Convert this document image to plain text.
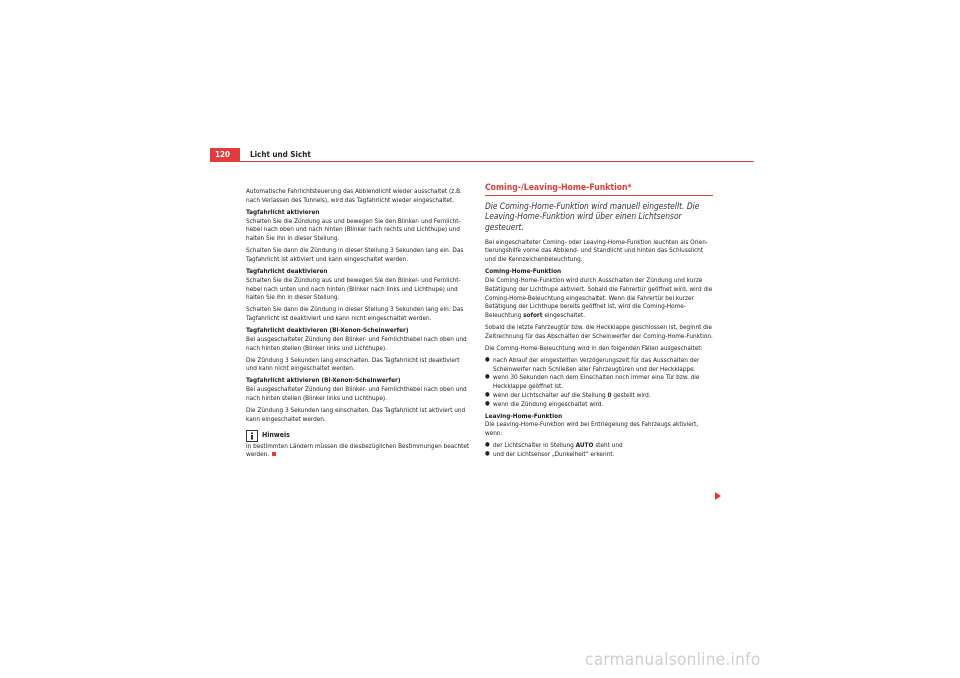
120 Licht und Sicht

Automatische Fahrlichtsteuerung das Abblendlicht wieder ausschaltet (z.B. nach Verlassen des Tunnels), wird das Tagfahrlicht wieder eingeschaltet.

Tagfahrlicht aktivieren

Schalten Sie die Zündung aus und bewegen Sie den Blinker- und Fernlicht-hebel nach oben und nach hinten (Blinker nach rechts und Lichthupe) und halten Sie ihn in dieser Stellung.

Schalten Sie dann die Zündung in dieser Stellung 3 Sekunden lang ein. Das Tagfahrlicht ist aktiviert und kann eingeschaltet werden.

Tagfahrlicht deaktivieren

Schalten Sie die Zündung aus und bewegen Sie den Blinker- und Fernlicht-hebel nach unten und nach hinten (Blinker nach links und Lichthupe) und halten Sie ihn in dieser Stellung.

Schalten Sie dann die Zündung in dieser Stellung 3 Sekunden lang ein. Das Tagfahrlicht ist deaktiviert und kann nicht eingeschaltet werden.

Tagfahrlicht deaktivieren (Bi-Xenon-Scheinwerfer)

Bei ausgeschalteter Zündung den Blinker- und Fernlichthebel nach oben und nach hinten stellen (Blinker links und Lichthupe).

Die Zündung 3 Sekunden lang einschalten. Das Tagfahrlicht ist deaktiviert und kann nicht eingeschaltet werden.

Tagfahrlicht aktivieren (Bi-Xenon-Scheinwerfer)

Bei ausgeschalteter Zündung den Blinker- und Fernlichthebel nach oben und nach hinten stellen (Blinker links und Lichthupe).

Die Zündung 3 Sekunden lang einschalten. Das Tagfahrlicht ist aktiviert und kann eingeschaltet werden.

Hinweis

In bestimmten Ländern müssen die diesbezüglichen Bestimmungen beachtet werden.

Coming-/Leaving-Home-Funktion*

Die Coming-Home-Funktion wird manuell eingestellt. Die Leaving-Home-Funktion wird über einen Lichtsensor gesteuert.

Bei eingeschalteter Coming- oder Leaving-Home-Funktion leuchten als Orien-tierungshilfe vorne das Abblend- und Standlicht und hinten das Schlusslicht und die Kennzeichenbeleuchtung.

Coming-Home-Funktion

Die Coming-Home-Funktion wird durch Ausschalten der Zündung und kurze Betätigung der Lichthupe aktiviert. Sobald die Fahrertür geöffnet wird, wird die Coming-Home-Beleuchtung eingeschaltet. Wenn die Fahrertür bei kurzer Betätigung der Lichthupe bereits geöffnet ist, wird die Coming-Home-Beleuchtung sofort eingeschaltet.

Sobald die letzte Fahrzeugtür bzw. die Heckklappe geschlossen ist, beginnt die Zeitrechnung für das Abschalten der Scheinwerfer der Coming-Home-Funktion.

Die Coming-Home-Beleuchtung wird in den folgenden Fällen ausgeschaltet:

● nach Ablauf der eingestellten Verzögerungszeit für das Ausschalten der Scheinwerfer nach Schließen aller Fahrzeugtüren und der Heckklappe.
● wenn 30 Sekunden nach dem Einschalten noch immer eine Tür bzw. die Heckklappe geöffnet ist.
● wenn der Lichtschalter auf die Stellung 0 gestellt wird.
● wenn die Zündung eingeschaltet wird.

Leaving-Home-Funktion

Die Leaving-Home-Funktion wird bei Entriegelung des Fahrzeugs aktiviert, wenn:

● der Lichtschalter in Stellung AUTO steht und
● und der Lichtsensor „Dunkelheit“ erkennt.
carmanualsonline.info
